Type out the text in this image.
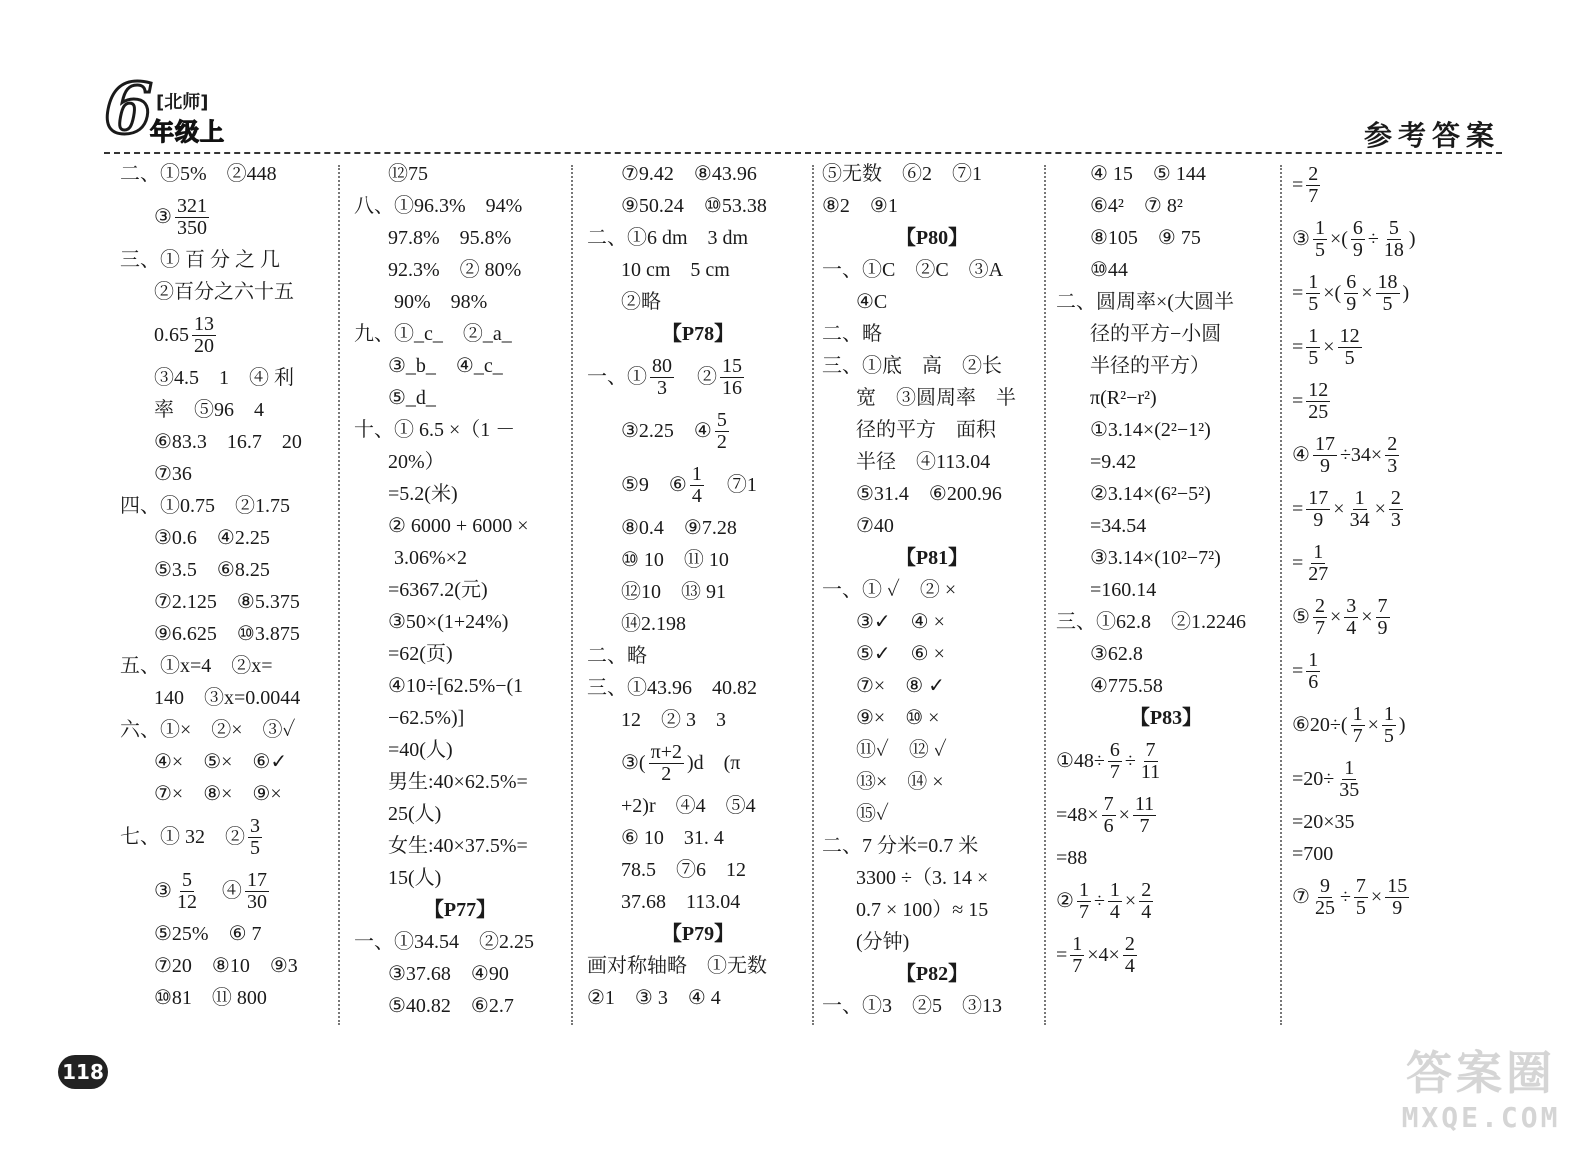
6 [北师]
年级上	参考答案
二、①5%　②448
③ $\frac{321}{350}$
三、① 百 分 之 几
②百分之六十五
$0.65 \frac{13}{20}$
③4.5　1　④ 利
率　⑤96　4
⑥83.3　16.7　20
⑦36
四、①0.75　②1.75
③0.6　④2.25
⑤3.5　⑥8.25
⑦2.125　⑧5.375
⑨6.625　⑩3.875
五、①x=4　②x=
140　③x=0.0044
六、①×　②×　③✓
④×　⑤×　⑥✓
⑦×　⑧×　⑨×
七、① 32　② $\frac{3}{5}$
③ $\frac{5}{12}$ 　④ $\frac{17}{30}$
⑤25%　⑥ 7
⑦20　⑧10　⑨3
⑩81　⑪ 800
⑫75
八、①96.3%　94%
97.8%　95.8%
92.3%　② 80%
90%　98%
九、①_c_　②_a_
③_b_　④_c_
⑤_d_
十、① 6.5 ×（1 －
20%）
=5.2(米)
② 6000 + 6000 ×
3.06%×2
=6367.2(元)
③50×(1+24%)
=62(页)
④10÷[62.5%−(1
−62.5%)]
=40(人)
男生:40×62.5%=
25(人)
女生:40×37.5%=
15(人)
【P77】
一、①34.54　②2.25
③37.68　④90
⑤40.82　⑥2.7
⑦9.42　⑧43.96
⑨50.24　⑩53.38
二、①6 dm　3 dm
10 cm　5 cm
②略
【P78】
一、① $\frac{80}{3}$ 　② $\frac{15}{16}$
③2.25　④ $\frac{5}{2}$
⑤9　⑥ $\frac{1}{4}$ 　⑦1
⑧0.4　⑨7.28
⑩ 10　⑪ 10
⑫10　⑬ 91
⑭2.198
二、略
三、①43.96　40.82
12　② 3　3
③( $\frac{\pi+2}{2} )d$　(π
+2)r　④4　⑤4
⑥ 10　31. 4
78.5　⑦6　12
37.68　113.04
【P79】
画对称轴略　①无数
②1　③ 3　④ 4
⑤无数　⑥2　⑦1
⑧2　⑨1
【P80】
一、①C　②C　③A
④C
二、略
三、①底　高　②长
宽　③圆周率　半
径的平方　面积
半径　④113.04
⑤31.4　⑥200.96
⑦40
【P81】
一、① ✓　② ×
③✓　④ ×
⑤✓　⑥ ×
⑦×　⑧ ✓
⑨×　⑩ ×
⑪✓　⑫ ✓
⑬×　⑭ ×
⑮✓
二、7 分米=0.7 米
3300 ÷（3. 14 ×
0.7 × 100）≈ 15
(分钟)
【P82】
一、①3　②5　③13
④ 15　⑤ 144
⑥4²　⑦ 8²
⑧105　⑨ 75
⑩44
二、圆周率×(大圆半
径的平方−小圆
半径的平方）
π(R²−r²)
①3.14×(2²−1²)
=9.42
②3.14×(6²−5²)
=34.54
③3.14×(10²−7²)
=160.14
三、①62.8　②1.2246
③62.8
④775.58
【P83】
①48÷ $\frac{6}{7} \div \frac{7}{11}$
$=48\times \frac{7}{6} \times \frac{11}{7}$
=88
② $\frac{1}{7} \div \frac{1}{4} \times \frac{2}{4}$
= $\frac{1}{7} \times 4\times \frac{2}{4}$
= $\frac{2}{7}$
③ $\frac{1}{5}$ ×( $\frac{6}{9} \div \frac{5}{18}$ )
= $\frac{1}{5}$ ×( $\frac{6}{9} \times \frac{18}{5}$ )
= $\frac{1}{5} \times \frac{12}{5}$
= $\frac{12}{25}$
④ $\frac{17}{9} \div 34\times \frac{2}{3}$
= $\frac{17}{9} \times \frac{1}{34} \times \frac{2}{3}$
= $\frac{1}{27}$
⑤ $\frac{2}{7} \times \frac{3}{4} \times \frac{7}{9}$
= $\frac{1}{6}$
⑥20÷( $\frac{1}{7} \times \frac{1}{5}$ )
$=20\div \frac{1}{35}$
=20×35
=700
⑦ $\frac{9}{25} \div \frac{7}{5} \times \frac{15}{9}$
118	答案圈
MXQE.COM
